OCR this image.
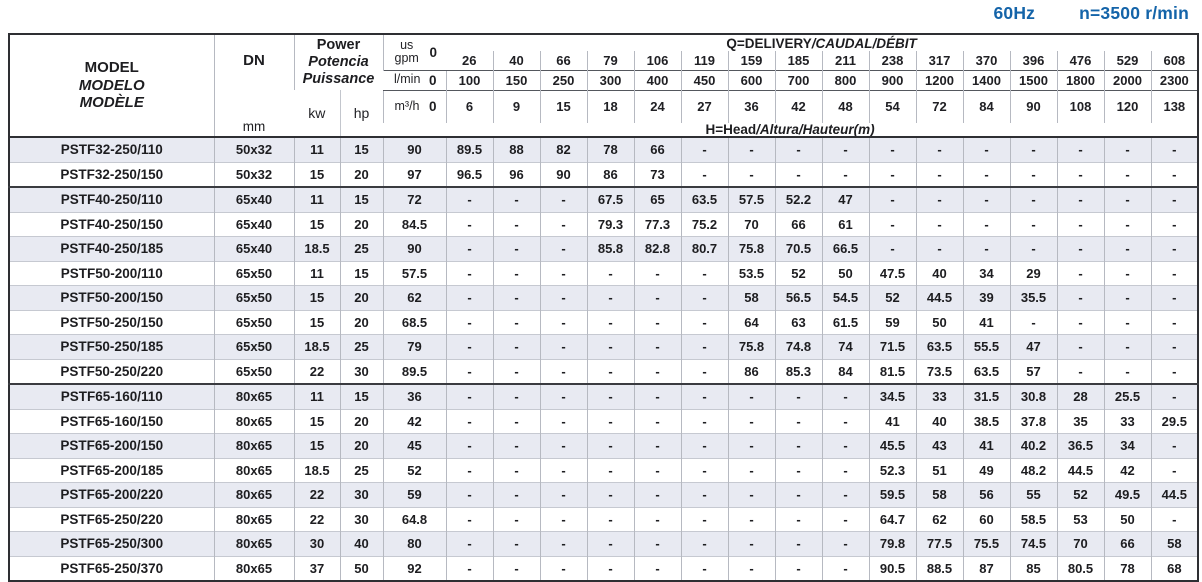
60Hz	n=3500 r/min
MODEL
MODELO
MODÈLE	DN
mm	Power
Potencia
Puissance		us
gpm 0	Q=DELIVERY/CAUDAL/DÉBIT															
					26	40	66	79	106	119	159	185	211	238	317	370	396	476	529	608

				l/min 0	100	150	250	300	400	450	600	700	800	900	1200	1400	1500	1800	2000	2300
		kw	hp	m³/h 0	6	9	15	18	24	27	36	42	48	54	72	84	90	108	120	138
				H=Head/Altura/Hauteur(m)																
PSTF32-250/110	50x32	11	15	90	89.5	88	82	78	66	-	-	-	-	-	-	-	-	-	-	-
PSTF32-250/150	50x32	15	20	97	96.5	96	90	86	73	-	-	-	-	-	-	-	-	-	-	-
PSTF40-250/110	65x40	11	15	72	-	-	-	67.5	65	63.5	57.5	52.2	47	-	-	-	-	-	-	-
PSTF40-250/150	65x40	15	20	84.5	-	-	-	79.3	77.3	75.2	70	66	61	-	-	-	-	-	-	-
PSTF40-250/185	65x40	18.5	25	90	-	-	-	85.8	82.8	80.7	75.8	70.5	66.5	-	-	-	-	-	-	-
PSTF50-200/110	65x50	11	15	57.5	-	-	-	-	-	-	53.5	52	50	47.5	40	34	29	-	-	-
PSTF50-200/150	65x50	15	20	62	-	-	-	-	-	-	58	56.5	54.5	52	44.5	39	35.5	-	-	-
PSTF50-250/150	65x50	15	20	68.5	-	-	-	-	-	-	64	63	61.5	59	50	41	-	-	-	-
PSTF50-250/185	65x50	18.5	25	79	-	-	-	-	-	-	75.8	74.8	74	71.5	63.5	55.5	47	-	-	-
PSTF50-250/220	65x50	22	30	89.5	-	-	-	-	-	-	86	85.3	84	81.5	73.5	63.5	57	-	-	-
PSTF65-160/110	80x65	11	15	36	-	-	-	-	-	-	-	-	-	34.5	33	31.5	30.8	28	25.5	-
PSTF65-160/150	80x65	15	20	42	-	-	-	-	-	-	-	-	-	41	40	38.5	37.8	35	33	29.5
PSTF65-200/150	80x65	15	20	45	-	-	-	-	-	-	-	-	-	45.5	43	41	40.2	36.5	34	-
PSTF65-200/185	80x65	18.5	25	52	-	-	-	-	-	-	-	-	-	52.3	51	49	48.2	44.5	42	-
PSTF65-200/220	80x65	22	30	59	-	-	-	-	-	-	-	-	-	59.5	58	56	55	52	49.5	44.5
PSTF65-250/220	80x65	22	30	64.8	-	-	-	-	-	-	-	-	-	64.7	62	60	58.5	53	50	-
PSTF65-250/300	80x65	30	40	80	-	-	-	-	-	-	-	-	-	79.8	77.5	75.5	74.5	70	66	58
PSTF65-250/370	80x65	37	50	92	-	-	-	-	-	-	-	-	-	90.5	88.5	87	85	80.5	78	68
